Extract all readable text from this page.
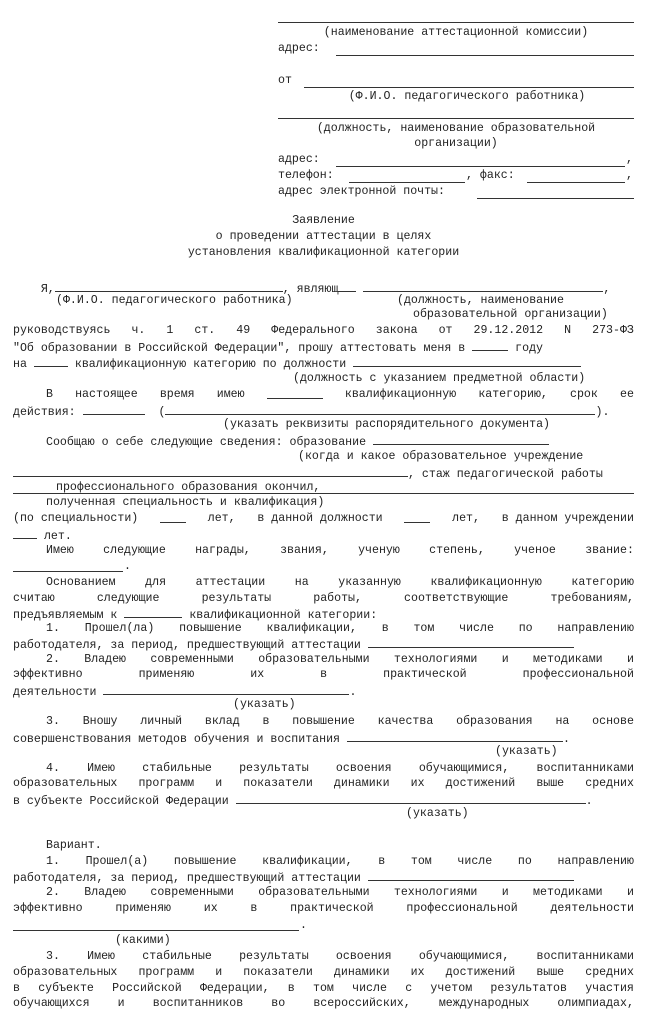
(наименование аттестационной комиссии)
адрес:
от
(Ф.И.О. педагогического работника)
(должность, наименование образовательной
организации)
адрес:	,
телефон:	, факс:	,
адрес электронной почты:
Заявление
о проведении аттестации в целях
установления квалификационной категории
Я,	, являющ	,
(Ф.И.О. педагогического работника)	(должность, наименование
образовательной организации)
руководствуясь ч. 1 ст. 49 Федерального закона от 29.12.2012 N 273-ФЗ
"Об образовании в Российской Федерации", прошу аттестовать меня в	году
на	квалификационную категорию по должности
(должность с указанием предметной области)
В настоящее время имею	квалификационную категорию, срок ее
действия:	(	).
(указать реквизиты распорядительного документа)
Сообщаю о себе следующие сведения: образование
(когда и какое образовательное учреждение
, стаж педагогической работы
профессионального образования окончил,
полученная специальность и квалификация)
(по специальности)	лет, в данной должности	лет, в данном учреждении
лет.
Имею	следующие	награды,	звания,	ученую	степень,	ученое	звание:
.
Основанием	для	аттестации	на	указанную	квалификационную	категорию
считаю	следующие	результаты	работы,	соответствующие	требованиям,
предъявляемым к	квалификационной категории:
1. Прошел(ла) повышение квалификации, в том числе по направлению
работодателя, за период, предшествующий аттестации
2. Владею современными образовательными технологиями и методиками и
эффективно	применяю	их	в	практической	профессиональной
деятельности	.
(указать)
3. Вношу личный вклад в повышение качества образования на основе
совершенствования методов обучения и воспитания	.
(указать)
4. Имею стабильные результаты освоения обучающимися, воспитанниками
образовательных программ и показатели динамики их достижений выше средних
в субъекте Российской Федерации	.
(указать)
Вариант.
1. Прошел(а) повышение квалификации, в том числе по направлению
работодателя, за период, предшествующий аттестации
2. Владею современными образовательными технологиями и методиками и
эффективно	применяю	их	в	практической	профессиональной	деятельности
.
(какими)
3. Имею стабильные результаты освоения обучающимися, воспитанниками
образовательных программ и показатели динамики их достижений выше средних
в субъекте Российской Федерации, в том числе с учетом результатов участия
обучающихся и воспитанников во всероссийских, международных олимпиадах,
